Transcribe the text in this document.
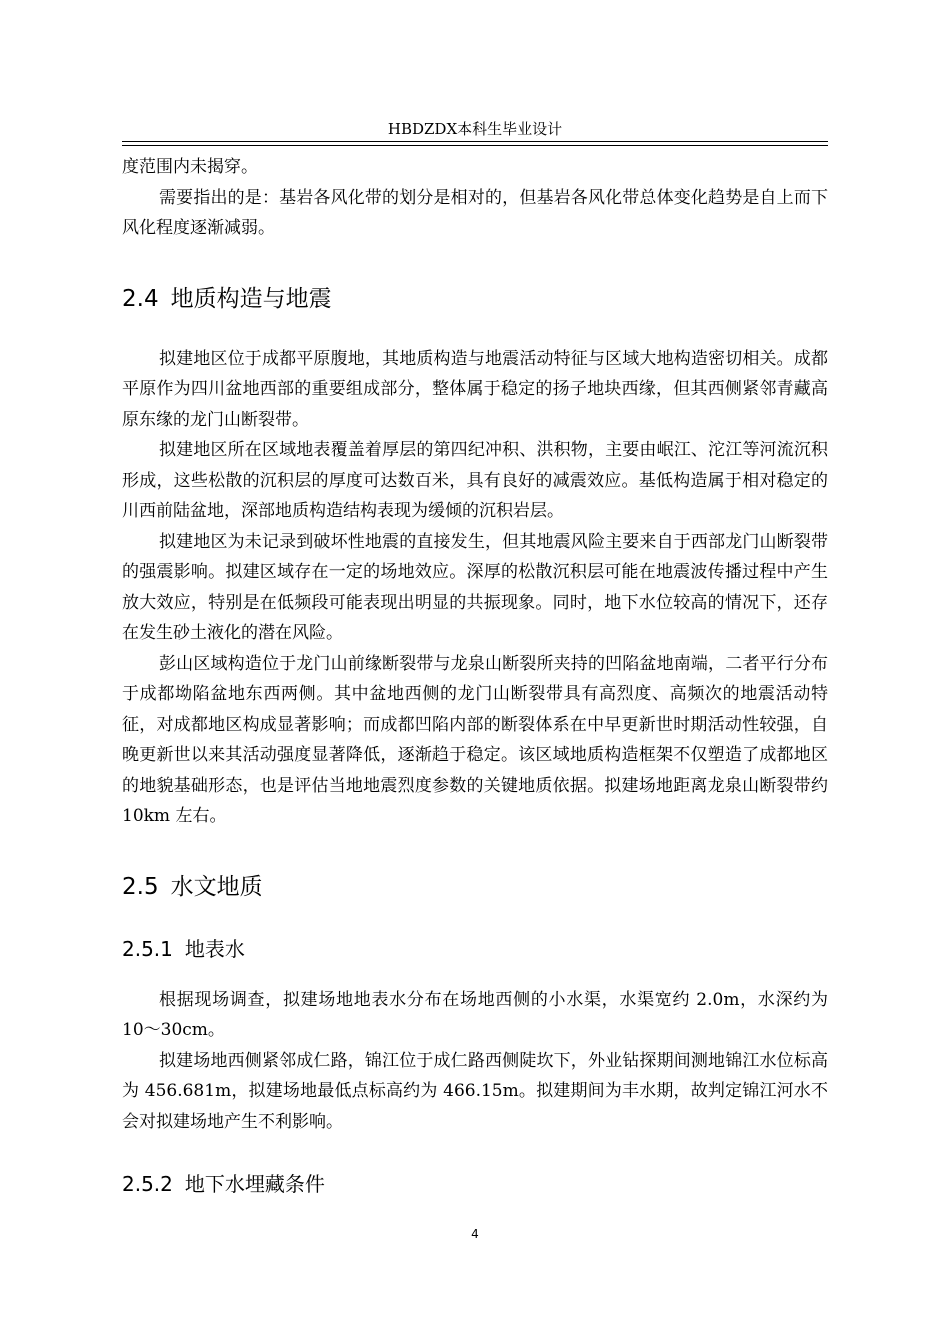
HBDZDX本科生毕业设计

度范围内未揭穿。

需要指出的是：基岩各风化带的划分是相对的，但基岩各风化带总体变化趋势是自上而下风化程度逐渐减弱。

2.4 地质构造与地震

拟建地区位于成都平原腹地，其地质构造与地震活动特征与区域大地构造密切相关。成都平原作为四川盆地西部的重要组成部分，整体属于稳定的扬子地块西缘，但其西侧紧邻青藏高原东缘的龙门山断裂带。

拟建地区所在区域地表覆盖着厚层的第四纪冲积、洪积物，主要由岷江、沱江等河流沉积形成，这些松散的沉积层的厚度可达数百米，具有良好的减震效应。基低构造属于相对稳定的川西前陆盆地，深部地质构造结构表现为缓倾的沉积岩层。

拟建地区为未记录到破坏性地震的直接发生，但其地震风险主要来自于西部龙门山断裂带的强震影响。拟建区域存在一定的场地效应。深厚的松散沉积层可能在地震波传播过程中产生放大效应，特别是在低频段可能表现出明显的共振现象。同时，地下水位较高的情况下，还存在发生砂土液化的潜在风险。

彭山区域构造位于龙门山前缘断裂带与龙泉山断裂所夹持的凹陷盆地南端，二者平行分布于成都坳陷盆地东西两侧。其中盆地西侧的龙门山断裂带具有高烈度、高频次的地震活动特征，对成都地区构成显著影响；而成都凹陷内部的断裂体系在中早更新世时期活动性较强，自晚更新世以来其活动强度显著降低，逐渐趋于稳定。该区域地质构造框架不仅塑造了成都地区的地貌基础形态，也是评估当地地震烈度参数的关键地质依据。拟建场地距离龙泉山断裂带约 10km 左右。

2.5 水文地质
2.5.1 地表水

根据现场调查，拟建场地地表水分布在场地西侧的小水渠，水渠宽约 2.0m，水深约为 10～30cm。

拟建场地西侧紧邻成仁路，锦江位于成仁路西侧陡坎下，外业钻探期间测地锦江水位标高为 456.681m，拟建场地最低点标高约为 466.15m。拟建期间为丰水期，故判定锦江河水不会对拟建场地产生不利影响。

2.5.2 地下水埋藏条件
4
